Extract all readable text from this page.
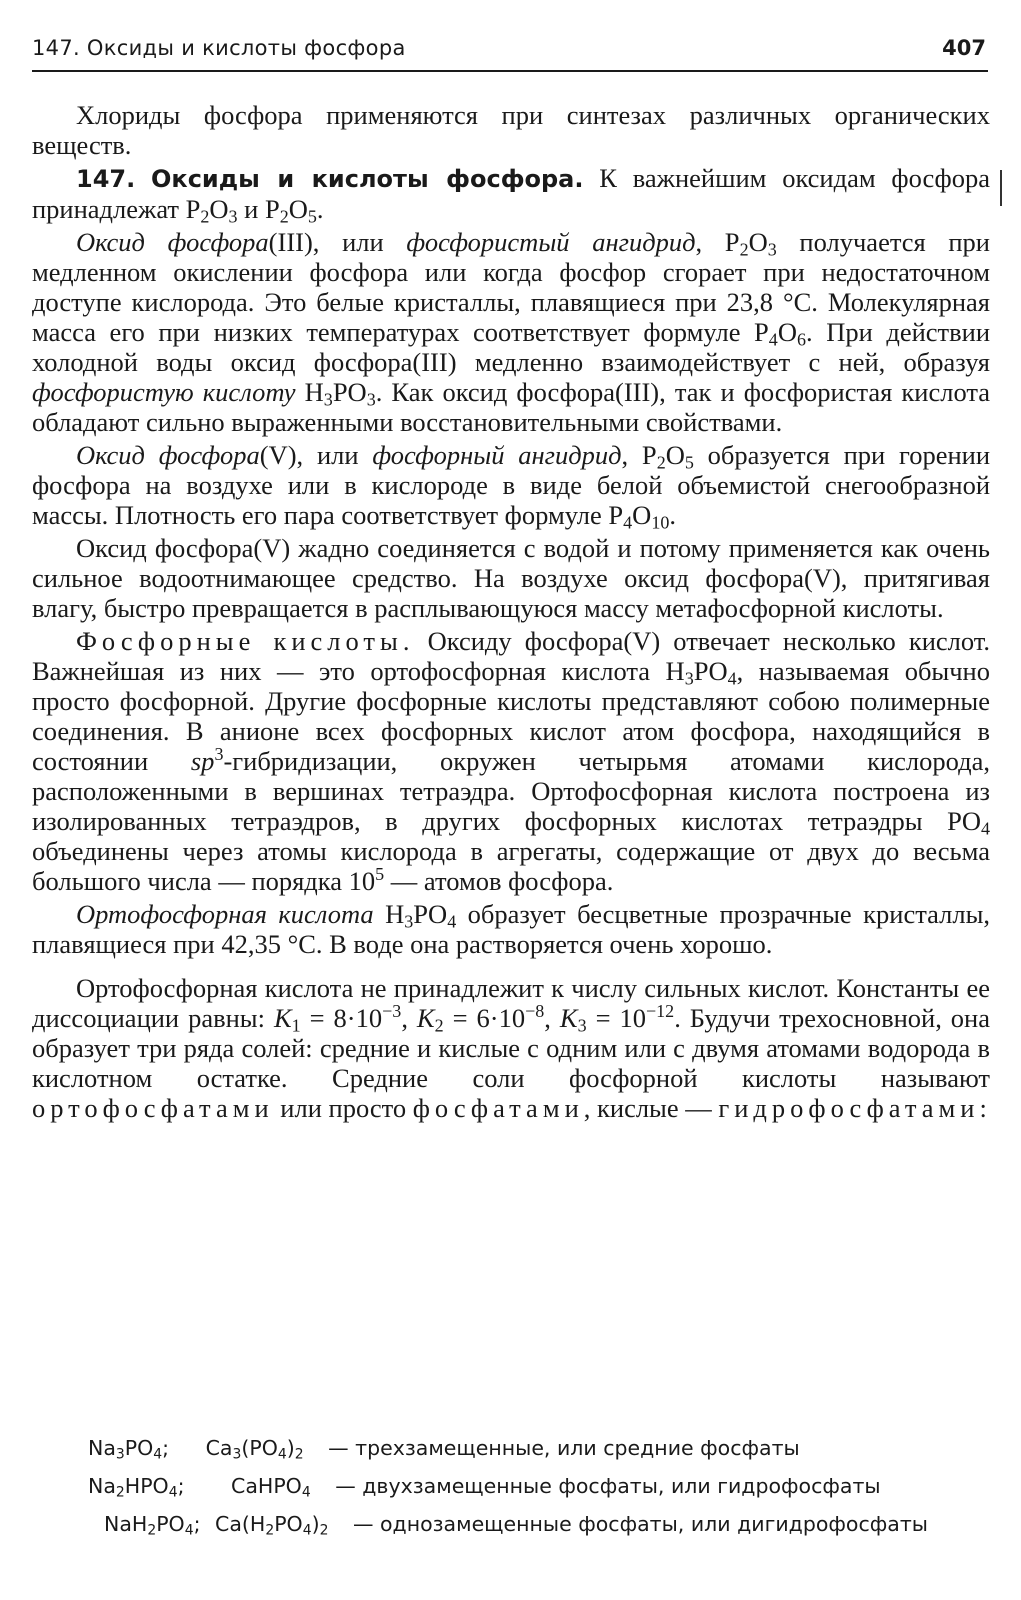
147. Оксиды и кислоты фосфора	407

Хлориды фосфора применяются при синтезах различных органических веществ.

147. Оксиды и кислоты фосфора. К важнейшим оксидам фосфора принадлежат $P_2O_3$ и $P_2O_5$.

Оксид фосфора(III), или фосфористый ангидрид, $P_2O_3$ получается при медленном окислении фосфора или когда фосфор сгорает при недостаточном доступе кислорода. Это белые кристаллы, плавящиеся при 23,8 °C. Молекулярная масса его при низких температурах соответствует формуле $P_4O_6$. При действии холодной воды оксид фосфора(III) медленно взаимодействует с ней, образуя фосфористую кислоту $H_3PO_3$. Как оксид фосфора(III), так и фосфористая кислота обладают сильно выраженными восстановительными свойствами.

Оксид фосфора(V), или фосфорный ангидрид, $P_2O_5$ образуется при горении фосфора на воздухе или в кислороде в виде белой объемистой снегообразной массы. Плотность его пара соответствует формуле $P_4O_{10}$.

Оксид фосфора(V) жадно соединяется с водой и потому применяется как очень сильное водоотнимающее средство. На воздухе оксид фосфора(V), притягивая влагу, быстро превращается в расплывающуюся массу метафосфорной кислоты.

Фосфорные кислоты. Оксиду фосфора(V) отвечает несколько кислот. Важнейшая из них — это ортофосфорная кислота $H_3PO_4$, называемая обычно просто фосфорной. Другие фосфорные кислоты представляют собою полимерные соединения. В анионе всех фосфорных кислот атом фосфора, находящийся в состоянии $sp^3$-гибридизации, окружен четырьмя атомами кислорода, расположенными в вершинах тетраэдра. Ортофосфорная кислота построена из изолированных тетраэдров, в других фосфорных кислотах тетраэдры $PO_4$ объединены через атомы кислорода в агрегаты, содержащие от двух до весьма большого числа — порядка $10^5$ — атомов фосфора.

Ортофосфорная кислота $H_3PO_4$ образует бесцветные прозрачные кристаллы, плавящиеся при 42,35 °C. В воде она растворяется очень хорошо.

Ортофосфорная кислота не принадлежит к числу сильных кислот. Константы ее диссоциации равны: $K_1 = 8\cdot 10^{-3}$, $K_2 = 6\cdot 10^{-8}$, $K_3 = 10^{-12}$. Будучи трехосновной, она образует три ряда солей: средние и кислые с одним или с двумя атомами водорода в кислотном остатке. Средние соли фосфорной кислоты называют ортофосфатами или просто фосфатами, кислые — гидрофосфатами:

$Na_3PO_4$; $Ca_3(PO_4)_2$ — трехзамещенные, или средние фосфаты
$Na_2HPO_4$; CaHPO$_4$ — двухзамещенные фосфаты, или гидрофосфаты
$NaH_2PO_4$; $Ca(H_2PO_4)_2$ — однозамещенные фосфаты, или дигидрофосфаты
